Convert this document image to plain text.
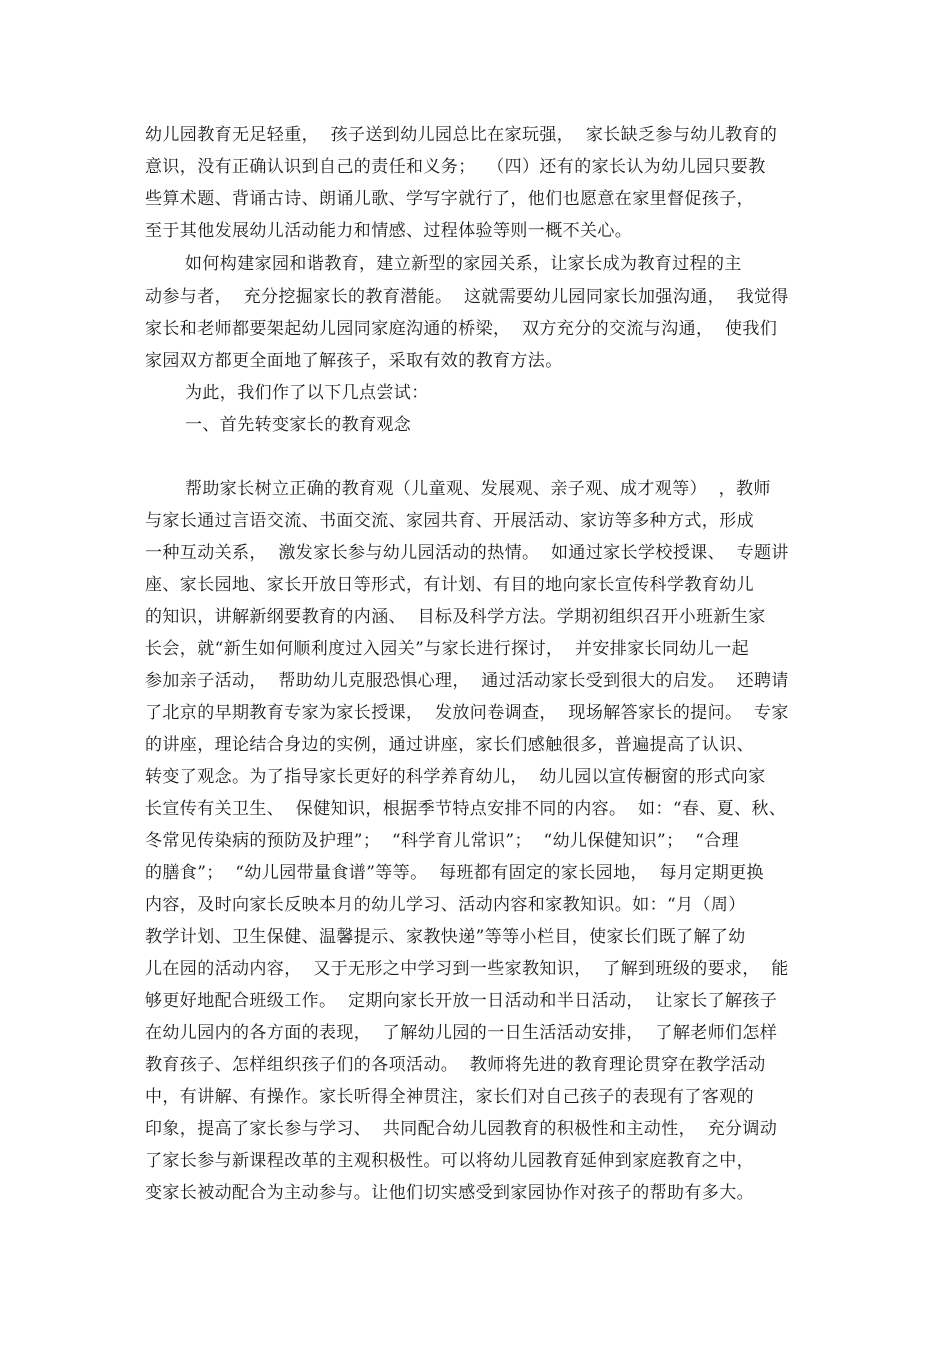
幼儿园教育无足轻重，  孩子送到幼儿园总比在家玩强，  家长缺乏参与幼儿教育的
意识，没有正确认识到自己的责任和义务；  （四）还有的家长认为幼儿园只要教
些算术题、背诵古诗、朗诵儿歌、学写字就行了，他们也愿意在家里督促孩子，
至于其他发展幼儿活动能力和情感、过程体验等则一概不关心。
如何构建家园和谐教育，建立新型的家园关系，让家长成为教育过程的主
动参与者，  充分挖掘家长的教育潜能。  这就需要幼儿园同家长加强沟通，  我觉得
家长和老师都要架起幼儿园同家庭沟通的桥梁，  双方充分的交流与沟通，  使我们
家园双方都更全面地了解孩子，采取有效的教育方法。
为此，我们作了以下几点尝试：
一、首先转变家长的教育观念
帮助家长树立正确的教育观（儿童观、发展观、亲子观、成才观等）  ，教师
与家长通过言语交流、书面交流、家园共育、开展活动、家访等多种方式，形成
一种互动关系，  激发家长参与幼儿园活动的热情。  如通过家长学校授课、  专题讲
座、家长园地、家长开放日等形式，有计划、有目的地向家长宣传科学教育幼儿
的知识，讲解新纲要教育的内涵、  目标及科学方法。学期初组织召开小班新生家
长会，就“新生如何顺利度过入园关”与家长进行探讨，  并安排家长同幼儿一起
参加亲子活动，  帮助幼儿克服恐惧心理，  通过活动家长受到很大的启发。  还聘请
了北京的早期教育专家为家长授课，  发放问卷调查，  现场解答家长的提问。  专家
的讲座，理论结合身边的实例，通过讲座，家长们感触很多，普遍提高了认识、
转变了观念。为了指导家长更好的科学养育幼儿，  幼儿园以宣传橱窗的形式向家
长宣传有关卫生、  保健知识，根据季节特点安排不同的内容。  如：“春、夏、秋、
冬常见传染病的预防及护理”；  “科学育儿常识”；  “幼儿保健知识”；  “合理
的膳食”；  “幼儿园带量食谱”等等。  每班都有固定的家长园地，  每月定期更换
内容，及时向家长反映本月的幼儿学习、活动内容和家教知识。如：“月（周）
教学计划、卫生保健、温馨提示、家教快递”等等小栏目，使家长们既了解了幼
儿在园的活动内容，  又于无形之中学习到一些家教知识，  了解到班级的要求，  能
够更好地配合班级工作。  定期向家长开放一日活动和半日活动，  让家长了解孩子
在幼儿园内的各方面的表现，  了解幼儿园的一日生活活动安排，  了解老师们怎样
教育孩子、怎样组织孩子们的各项活动。  教师将先进的教育理论贯穿在教学活动
中，有讲解、有操作。家长听得全神贯注，家长们对自己孩子的表现有了客观的
印象，提高了家长参与学习、  共同配合幼儿园教育的积极性和主动性，  充分调动
了家长参与新课程改革的主观积极性。可以将幼儿园教育延伸到家庭教育之中，
变家长被动配合为主动参与。让他们切实感受到家园协作对孩子的帮助有多大。
